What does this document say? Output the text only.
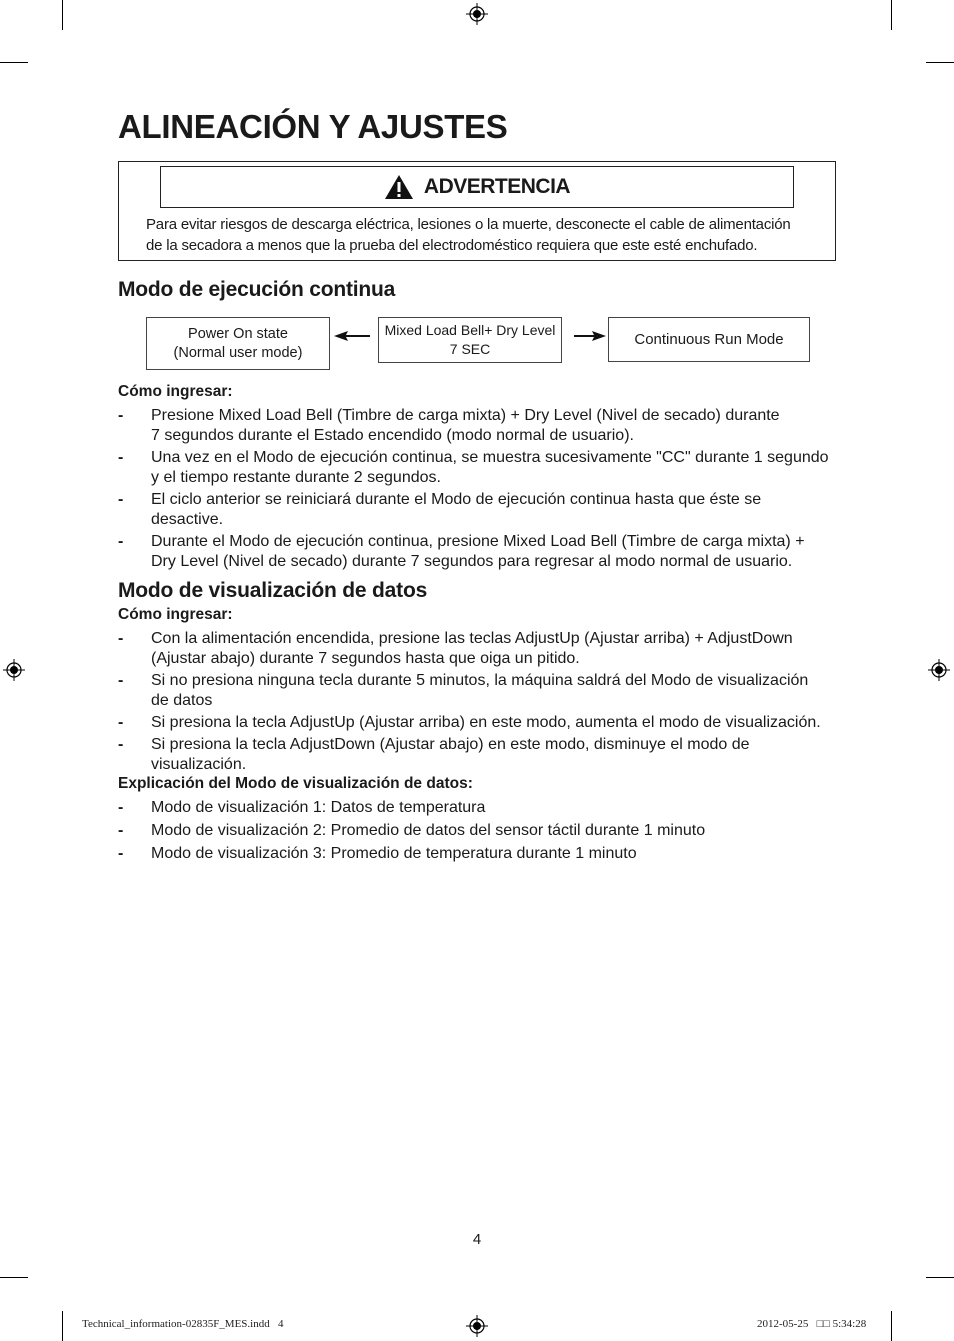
ALINEACIÓN Y AJUSTES
ADVERTENCIA
Para evitar riesgos de descarga eléctrica, lesiones o la muerte, desconecte el cable de alimentación
de la secadora a menos que la prueba del electrodoméstico requiera que este esté enchufado.
Modo de ejecución continua
Power On state
(Normal user mode)
Mixed Load Bell+ Dry Level
7 SEC
Continuous Run Mode
Cómo ingresar:
- Presione Mixed Load Bell (Timbre de carga mixta) + Dry Level (Nivel de secado) durante
7 segundos durante el Estado encendido (modo normal de usuario).
- Una vez en el Modo de ejecución continua, se muestra sucesivamente "CC" durante 1 segundo
y el tiempo restante durante 2 segundos.
- El ciclo anterior se reiniciará durante el Modo de ejecución continua hasta que éste se
desactive.
- Durante el Modo de ejecución continua, presione Mixed Load Bell (Timbre de carga mixta) +
Dry Level (Nivel de secado) durante 7 segundos para regresar al modo normal de usuario.
Modo de visualización de datos
Cómo ingresar:
- Con la alimentación encendida, presione las teclas AdjustUp (Ajustar arriba) + AdjustDown
(Ajustar abajo) durante 7 segundos hasta que oiga un pitido.
- Si no presiona ninguna tecla durante 5 minutos, la máquina saldrá del Modo de visualización
de datos
- Si presiona la tecla AdjustUp (Ajustar arriba) en este modo, aumenta el modo de visualización.
- Si presiona la tecla AdjustDown (Ajustar abajo) en este modo, disminuye el modo de
visualización.
Explicación del Modo de visualización de datos:
- Modo de visualización 1: Datos de temperatura
- Modo de visualización 2: Promedio de datos del sensor táctil durante 1 minuto
- Modo de visualización 3: Promedio de temperatura durante 1 minuto
4
Technical_information-02835F_MES.indd   4	2012-05-25   □□ 5:34:28
